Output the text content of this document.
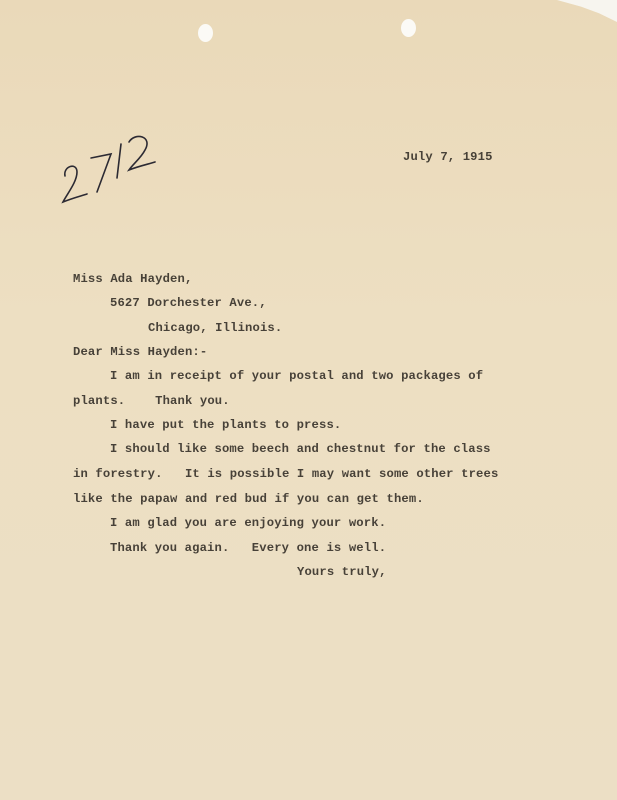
July 7, 1915
Miss Ada Hayden,
5627 Dorchester Ave.,
Chicago, Illinois.
Dear Miss Hayden:-
I am in receipt of your postal and two packages of
plants.    Thank you.
I have put the plants to press.
I should like some beech and chestnut for the class
in forestry.   It is possible I may want some other trees
like the papaw and red bud if you can get them.
I am glad you are enjoying your work.
Thank you again.   Every one is well.
Yours truly,
